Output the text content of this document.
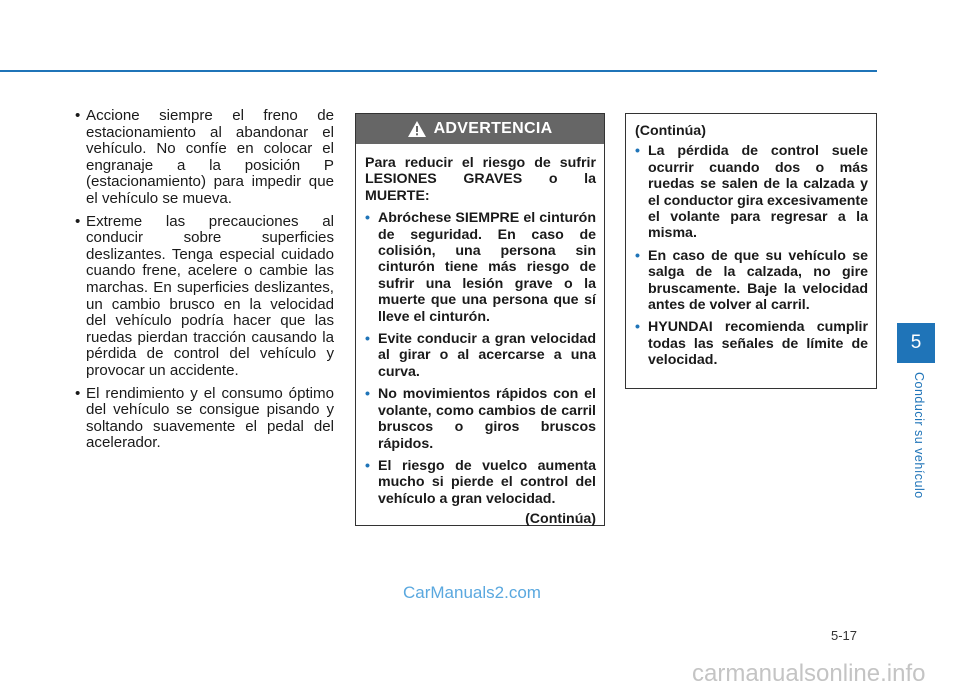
• Accione siempre el freno de estacionamiento al abandonar el vehículo. No confíe en colocar el engranaje a la posición P (estacionamiento) para impedir que el vehículo se mueva.
• Extreme las precauciones al conducir sobre superficies deslizantes. Tenga especial cuidado cuando frene, acelere o cambie las marchas. En superficies deslizantes, un cambio brusco en la velocidad del vehículo podría hacer que las ruedas pierdan tracción causando la pérdida de control del vehículo y provocar un accidente.
• El rendimiento y el consumo óptimo del vehículo se consigue pisando y soltando suavemente el pedal del acelerador.
ADVERTENCIA

Para reducir el riesgo de sufrir LESIONES GRAVES o la MUERTE:

• Abróchese SIEMPRE el cinturón de seguridad. En caso de colisión, una persona sin cinturón tiene más riesgo de sufrir una lesión grave o la muerte que una persona que sí lleve el cinturón.
• Evite conducir a gran velocidad al girar o al acercarse a una curva.
• No movimientos rápidos con el volante, como cambios de carril bruscos o giros bruscos rápidos.
• El riesgo de vuelco aumenta mucho si pierde el control del vehículo a gran velocidad.
(Continúa)

(Continúa)

• La pérdida de control suele ocurrir cuando dos o más ruedas se salen de la calzada y el conductor gira excesivamente el volante para regresar a la misma.
• En caso de que su vehículo se salga de la calzada, no gire bruscamente. Baje la velocidad antes de volver al carril.
• HYUNDAI recomienda cumplir todas las señales de límite de velocidad.
5
Conducir su vehículo
CarManuals2.com
5-17
carmanualsonline.info
